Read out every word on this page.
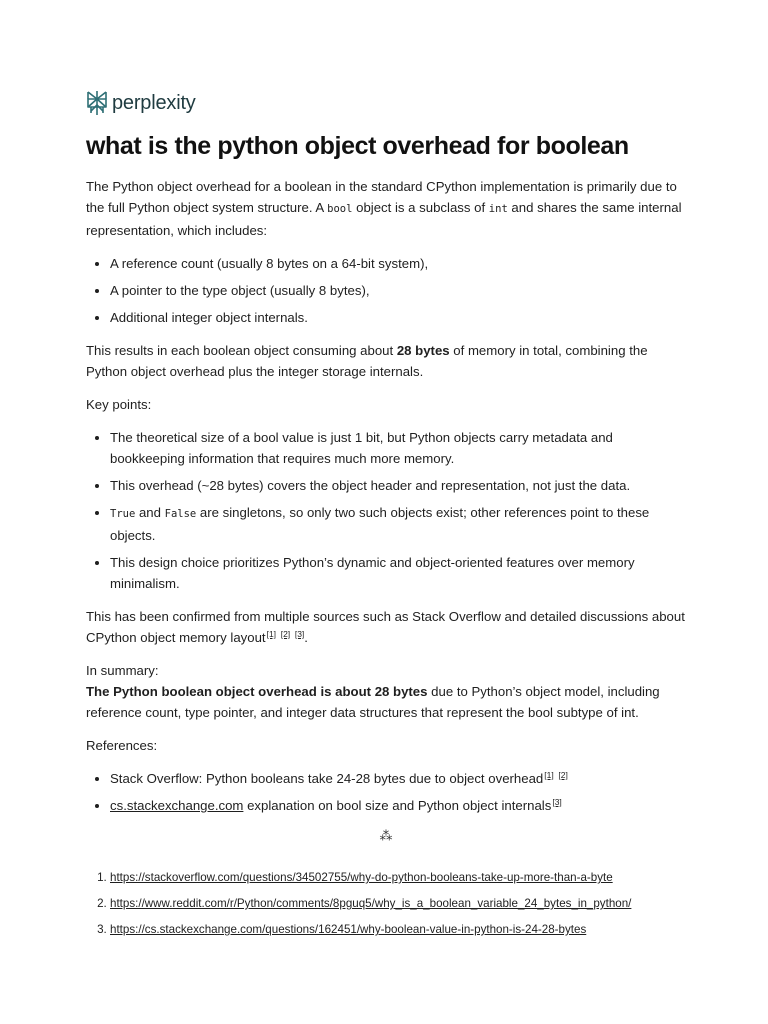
perplexity
what is the python object overhead for boolean

The Python object overhead for a boolean in the standard CPython implementation is primarily due to the full Python object system structure. A bool object is a subclass of int and shares the same internal representation, which includes:

• A reference count (usually 8 bytes on a 64-bit system),
• A pointer to the type object (usually 8 bytes),
• Additional integer object internals.

This results in each boolean object consuming about 28 bytes of memory in total, combining the Python object overhead plus the integer storage internals.

Key points:

• The theoretical size of a bool value is just 1 bit, but Python objects carry metadata and bookkeeping information that requires much more memory.
• This overhead (~28 bytes) covers the object header and representation, not just the data.
• True and False are singletons, so only two such objects exist; other references point to these objects.
• This design choice prioritizes Python’s dynamic and object-oriented features over memory minimalism.

This has been confirmed from multiple sources such as Stack Overflow and detailed discussions about CPython object memory layout[1] [2] [3].

In summary:

The Python boolean object overhead is about 28 bytes due to Python’s object model, including reference count, type pointer, and integer data structures that represent the bool subtype of int.

References:

• Stack Overflow: Python booleans take 24-28 bytes due to object overhead[1] [2]
• cs.stackexchange.com explanation on bool size and Python object internals[3]
⁂
1. https://stackoverflow.com/questions/34502755/why-do-python-booleans-take-up-more-than-a-byte
2. https://www.reddit.com/r/Python/comments/8pguq5/why_is_a_boolean_variable_24_bytes_in_python/
3. https://cs.stackexchange.com/questions/162451/why-boolean-value-in-python-is-24-28-bytes
